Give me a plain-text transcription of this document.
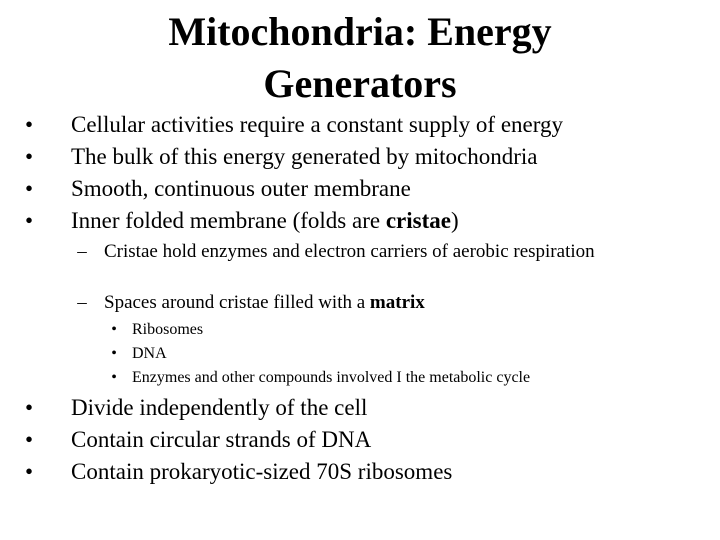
Mitochondria: Energy
Generators
• Cellular activities require a constant supply of energy
• The bulk of this energy generated by mitochondria
• Smooth, continuous outer membrane
• Inner folded membrane (folds are cristae)
– Cristae hold enzymes and electron carriers of aerobic respiration
– Spaces around cristae filled with a matrix
• Ribosomes
• DNA
• Enzymes and other compounds involved I the metabolic cycle
• Divide independently of the cell
• Contain circular strands of DNA
• Contain prokaryotic-sized 70S ribosomes
